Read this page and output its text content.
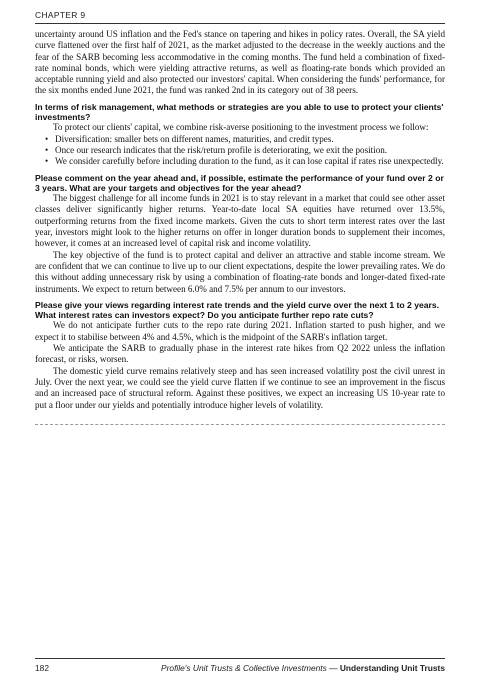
CHAPTER 9

uncertainty around US inflation and the Fed's stance on tapering and hikes in policy rates. Overall, the SA yield curve flattened over the first half of 2021, as the market adjusted to the decrease in the weekly auctions and the fear of the SARB becoming less accommodative in the coming months. The fund held a combination of fixed-rate nominal bonds, which were yielding attractive returns, as well as floating-rate bonds which provided an acceptable running yield and also protected our investors' capital. When considering the funds' performance, for the six months ended June 2021, the fund was ranked 2nd in its category out of 38 peers.

In terms of risk management, what methods or strategies are you able to use to protect your clients' investments?

To protect our clients' capital, we combine risk-averse positioning to the investment process we follow:

• Diversification: smaller bets on different names, maturities, and credit types.
• Once our research indicates that the risk/return profile is deteriorating, we exit the position.
• We consider carefully before including duration to the fund, as it can lose capital if rates rise unexpectedly.

Please comment on the year ahead and, if possible, estimate the performance of your fund over 2 or 3 years. What are your targets and objectives for the year ahead?

The biggest challenge for all income funds in 2021 is to stay relevant in a market that could see other asset classes deliver significantly higher returns. Year-to-date local SA equities have returned over 13.5%, outperforming returns from the fixed income markets. Given the cuts to short term interest rates over the last year, investors might look to the higher returns on offer in longer duration bonds to supplement their incomes, however, it comes at an increased level of capital risk and income volatility.

The key objective of the fund is to protect capital and deliver an attractive and stable income stream. We are confident that we can continue to live up to our client expectations, despite the lower prevailing rates. We do this without adding unnecessary risk by using a combination of floating-rate bonds and longer-dated fixed-rate instruments. We expect to return between 6.0% and 7.5% per annum to our investors.

Please give your views regarding interest rate trends and the yield curve over the next 1 to 2 years. What interest rates can investors expect? Do you anticipate further repo rate cuts?

We do not anticipate further cuts to the repo rate during 2021. Inflation started to push higher, and we expect it to stabilise between 4% and 4.5%, which is the midpoint of the SARB's inflation target.

We anticipate the SARB to gradually phase in the interest rate hikes from Q2 2022 unless the inflation forecast, or risks, worsen.

The domestic yield curve remains relatively steep and has seen increased volatility post the civil unrest in July. Over the next year, we could see the yield curve flatten if we continue to see an improvement in the fiscus and an increased pace of structural reform. Against these positives, we expect an increasing US 10-year rate to put a floor under our yields and potentially introduce higher levels of volatility.

182	Profile's Unit Trusts & Collective Investments — Understanding Unit Trusts
